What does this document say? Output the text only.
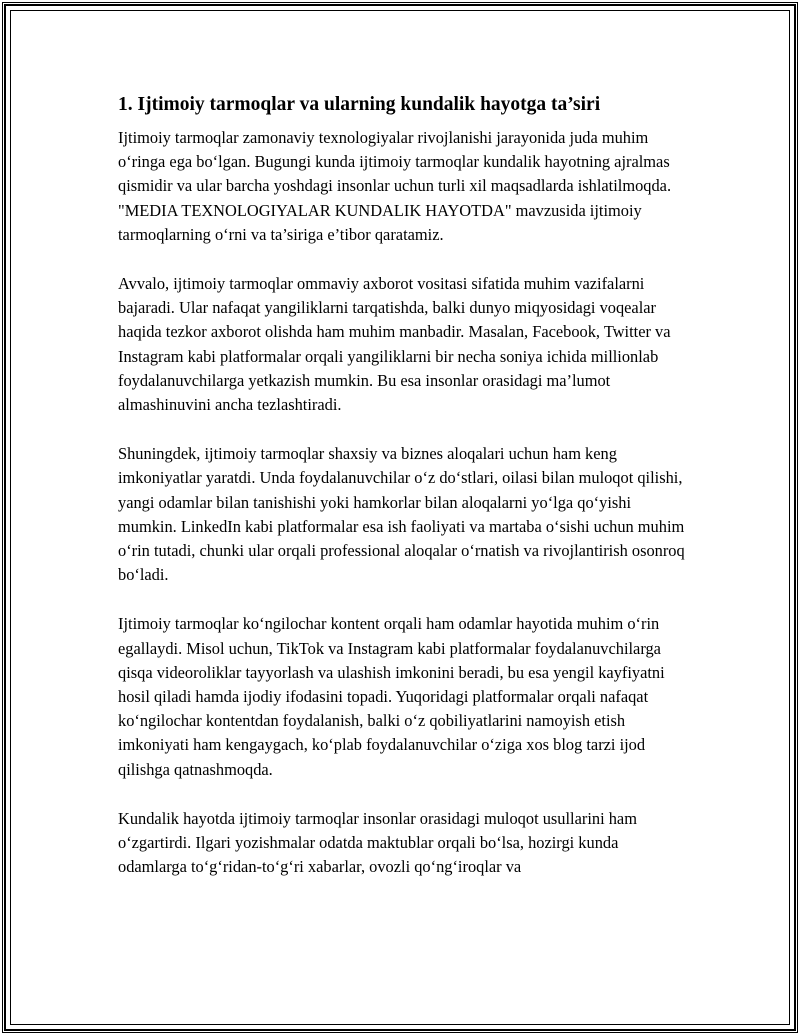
1. Ijtimoiy tarmoqlar va ularning kundalik hayotga ta’siri

Ijtimoiy tarmoqlar zamonaviy texnologiyalar rivojlanishi jarayonida juda muhim o‘ringa ega bo‘lgan. Bugungi kunda ijtimoiy tarmoqlar kundalik hayotning ajralmas qismidir va ular barcha yoshdagi insonlar uchun turli xil maqsadlarda ishlatilmoqda. "MEDIA TEXNOLOGIYALAR KUNDALIK HAYOTDA" mavzusida ijtimoiy tarmoqlarning o‘rni va ta’siriga e’tibor qaratamiz.

Avvalo, ijtimoiy tarmoqlar ommaviy axborot vositasi sifatida muhim vazifalarni bajaradi. Ular nafaqat yangiliklarni tarqatishda, balki dunyo miqyosidagi voqealar haqida tezkor axborot olishda ham muhim manbadir. Masalan, Facebook, Twitter va Instagram kabi platformalar orqali yangiliklarni bir necha soniya ichida millionlab foydalanuvchilarga yetkazish mumkin. Bu esa insonlar orasidagi ma’lumot almashinuvini ancha tezlashtiradi.

Shuningdek, ijtimoiy tarmoqlar shaxsiy va biznes aloqalari uchun ham keng imkoniyatlar yaratdi. Unda foydalanuvchilar o‘z do‘stlari, oilasi bilan muloqot qilishi, yangi odamlar bilan tanishishi yoki hamkorlar bilan aloqalarni yo‘lga qo‘yishi mumkin. LinkedIn kabi platformalar esa ish faoliyati va martaba o‘sishi uchun muhim o‘rin tutadi, chunki ular orqali professional aloqalar o‘rnatish va rivojlantirish osonroq bo‘ladi.

Ijtimoiy tarmoqlar ko‘ngilochar kontent orqali ham odamlar hayotida muhim o‘rin egallaydi. Misol uchun, TikTok va Instagram kabi platformalar foydalanuvchilarga qisqa videoroliklar tayyorlash va ulashish imkonini beradi, bu esa yengil kayfiyatni hosil qiladi hamda ijodiy ifodasini topadi. Yuqoridagi platformalar orqali nafaqat ko‘ngilochar kontentdan foydalanish, balki o‘z qobiliyatlarini namoyish etish imkoniyati ham kengaygach, ko‘plab foydalanuvchilar o‘ziga xos blog tarzi ijod qilishga qatnashmoqda.

Kundalik hayotda ijtimoiy tarmoqlar insonlar orasidagi muloqot usullarini ham o‘zgartirdi. Ilgari yozishmalar odatda maktublar orqali bo‘lsa, hozirgi kunda odamlarga to‘g‘ridan-to‘g‘ri xabarlar, ovozli qo‘ng‘iroqlar va
